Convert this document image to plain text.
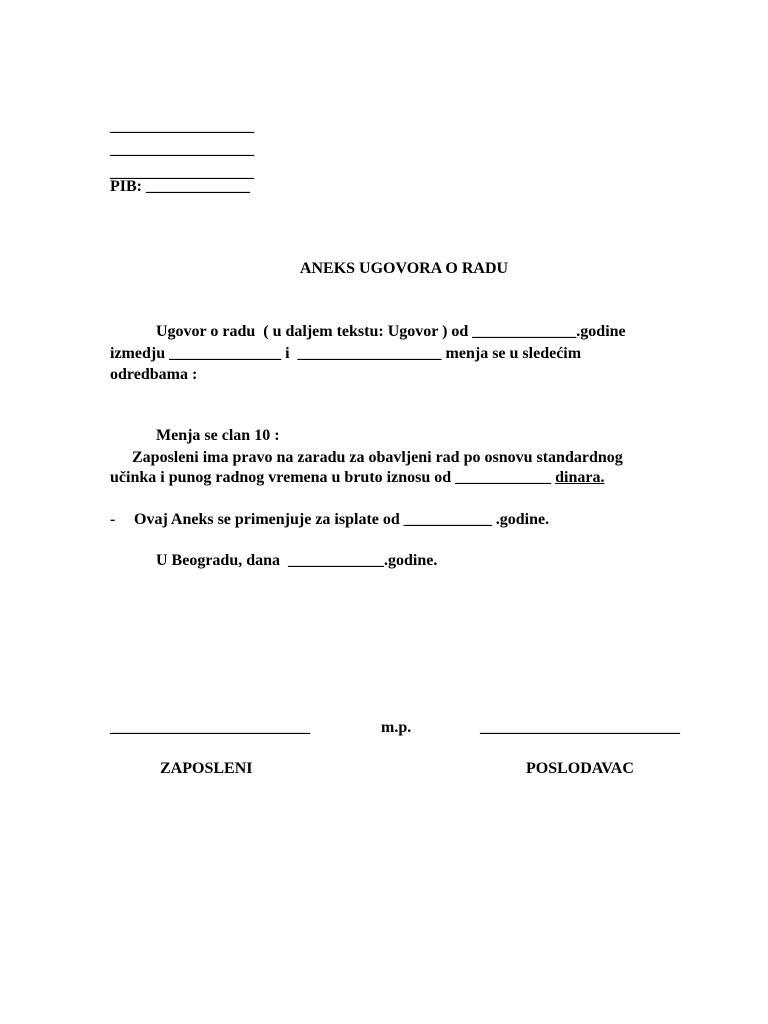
__________________
__________________
__________________
PIB: _____________
ANEKS UGOVORA O RADU
Ugovor o radu  ( u daljem tekstu: Ugovor ) od _____________.godine
izmedju ______________ i  __________________ menja se u sledećim
odredbama :
Menja se clan 10 :
Zaposleni ima pravo na zaradu za obavljeni rad po osnovu standardnog
učinka i punog radnog vremena u bruto iznosu od ____________ dinara.
- Ovaj Aneks se primenjuje za isplate od ___________ .godine.
U Beogradu, dana  ____________.godine.
_________________________	m.p.	_________________________
ZAPOSLENI	POSLODAVAC
